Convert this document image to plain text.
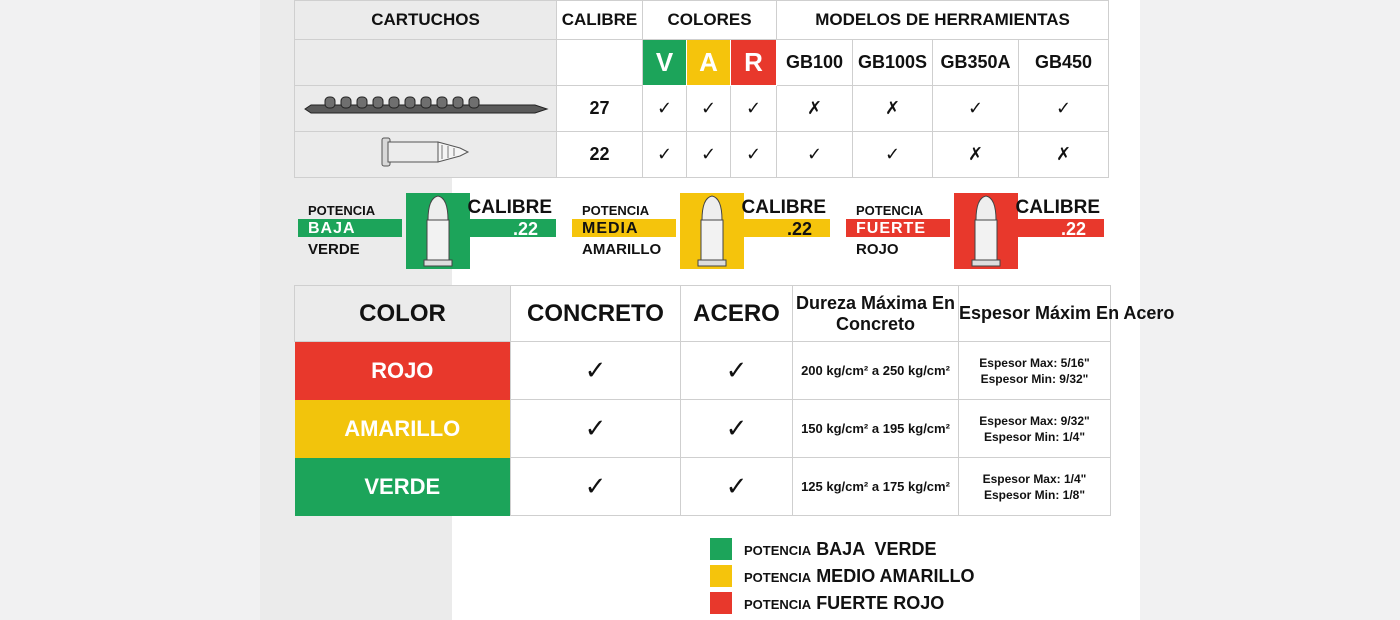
CARTUCHOS	CALIBRE	COLORES			MODELOS DE HERRAMIENTAS			
		V	A	R	GB100	GB100S	GB350A	GB450
	27	✓	✓	✓	✗	✗	✓	✓
	22	✓	✓	✓	✓	✓	✗	✗
POTENCIA
BAJA
VERDE
CALIBRE
.22
POTENCIA
MEDIA
AMARILLO
CALIBRE
.22
POTENCIA
FUERTE
ROJO
CALIBRE
.22
COLOR	CONCRETO	ACERO	Dureza Máxima En Concreto	Espesor Máxim En Acero
ROJO	✓	✓	200 kg/cm² a 250 kg/cm²	Espesor Max: 5/16"
Espesor Min: 9/32"

AMARILLO	✓	✓	150 kg/cm² a 195 kg/cm²	Espesor Max: 9/32"
Espesor Min: 1/4"

VERDE	✓	✓	125 kg/cm² a 175 kg/cm²	Espesor Max: 1/4"
Espesor Min: 1/8"
POTENCIA BAJA  VERDE
POTENCIA MEDIO AMARILLO
POTENCIA FUERTE ROJO
